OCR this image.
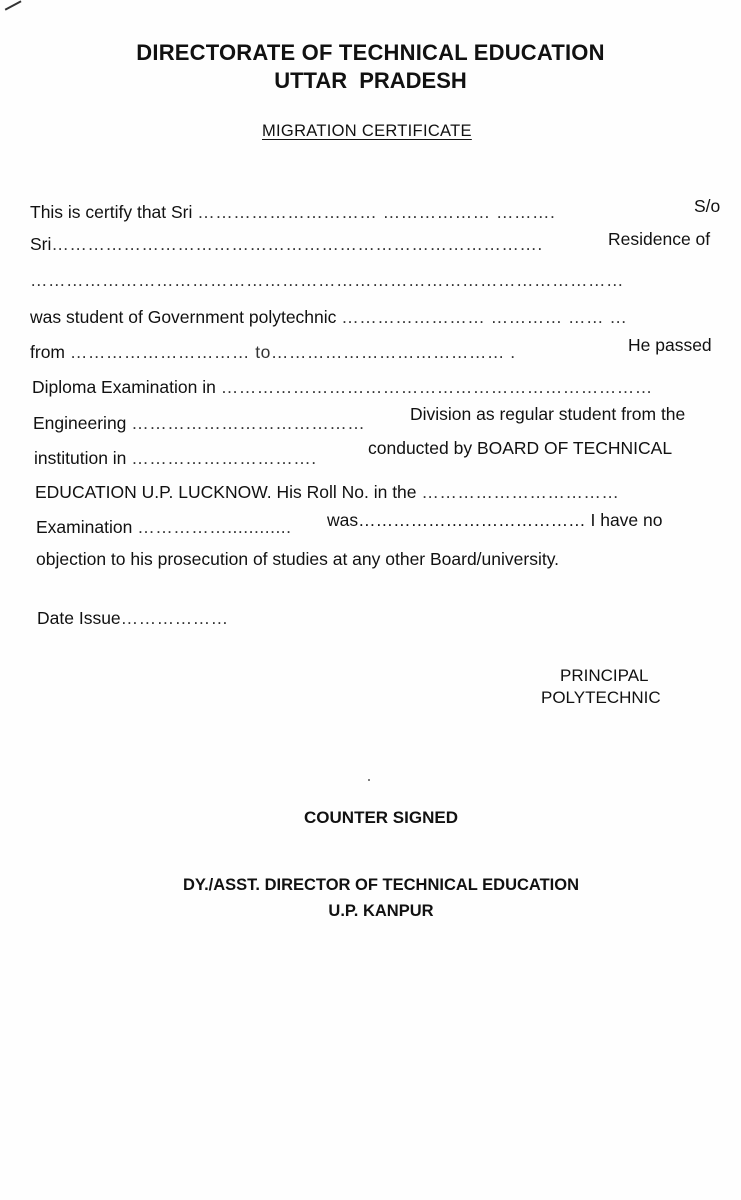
DIRECTORATE OF TECHNICAL EDUCATION
UTTAR PRADESH
MIGRATION CERTIFICATE
This is certify that Sri ………………………… ……………… ……….	S/o
Sri……………………………………………………………………….	Residence of
………………………………………………………………………………………
was student of Government polytechnic …………………… ………… …… …
from ………………………… to………………………………… .	He passed
Diploma Examination in ………………………………………………………………
Engineering …………………………………	Division as regular student from the
institution in ………………………….	conducted by BOARD OF TECHNICAL
EDUCATION U.P. LUCKNOW. His Roll No. in the ……………………………
Examination ……………............ was………………………………… I have no
objection to his prosecution of studies at any other Board/university.
Date Issue………………
PRINCIPAL
POLYTECHNIC
COUNTER SIGNED
DY./ASST. DIRECTOR OF TECHNICAL EDUCATION
U.P. KANPUR
